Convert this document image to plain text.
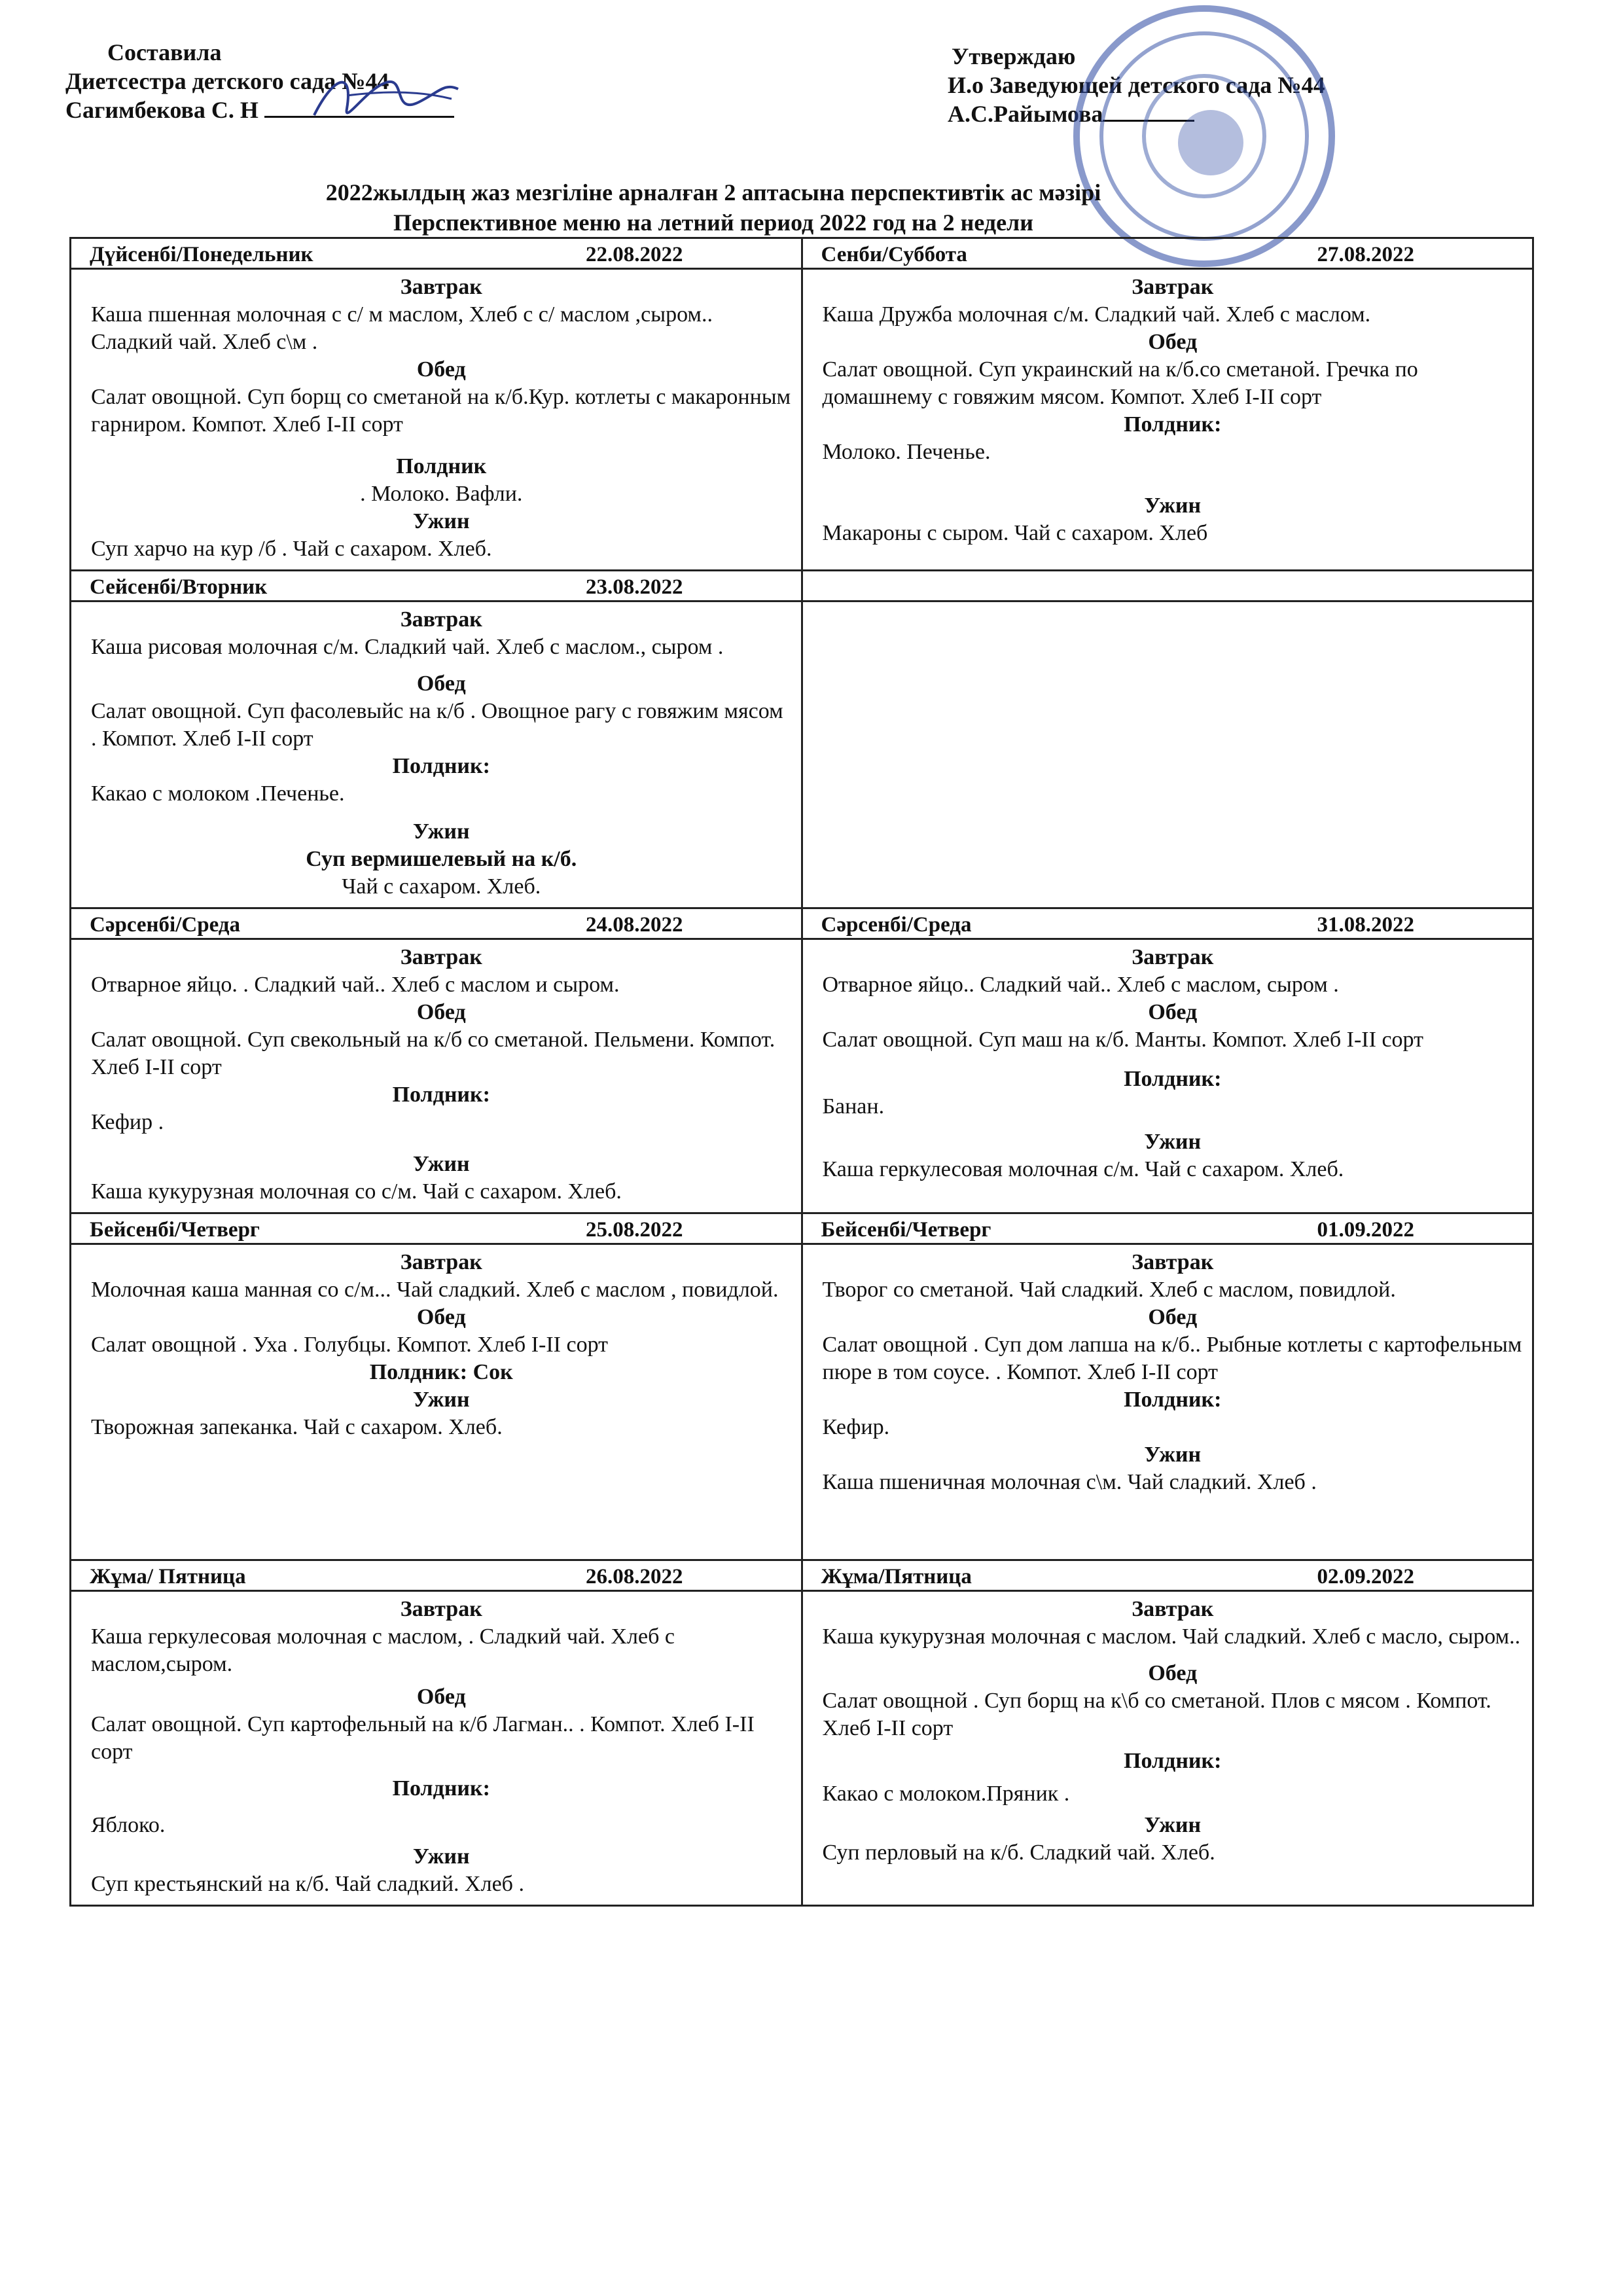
Составила
Диетсестра детского сада №44
Сагимбекова С. Н
Утверждаю
И.о Заведующей детского сада №44
А.С.Райымова
2022жылдың жаз мезгіліне арналған 2 аптасына перспективтік ас мәзірі
Перспективное меню на летний период 2022 год на 2 недели
Дүйсенбі/Понедельник	22.08.2022
Завтрак
Каша пшенная молочная с с/ м маслом, Хлеб с с/ маслом ,сыром.. Сладкий чай. Хлеб с\м .
Обед
Салат овощной. Суп борщ со сметаной на к/б.Кур. котлеты с макаронным гарниром. Компот. Хлеб I-II сорт
Полдник
. Молоко. Вафли.
Ужин
Суп харчо на кур /б . Чай с сахаром. Хлеб.
Сенби/Суббота	27.08.2022
Завтрак
Каша Дружба молочная с/м. Сладкий чай. Хлеб с маслом.
Обед
Салат овощной. Суп украинский на к/б.со сметаной. Гречка по домашнему с говяжим мясом. Компот. Хлеб I-II сорт
Полдник:
Молоко. Печенье.
Ужин
Макароны с сыром. Чай с сахаром. Хлеб
Сейсенбі/Вторник	23.08.2022
Завтрак
Каша рисовая молочная с/м. Сладкий чай. Хлеб с маслом., сыром .
Обед
Салат овощной. Суп фасолевыйс на к/б . Овощное рагу с говяжим мясом . Компот. Хлеб I-II сорт
Полдник:
Какао с молоком .Печенье.
Ужин
Суп вермишелевый на к/б.
Чай с сахаром. Хлеб.
Сәрсенбі/Среда	24.08.2022
Завтрак
Отварное яйцо. . Сладкий чай.. Хлеб с маслом и сыром.
Обед
Салат овощной. Суп свекольный на к/б со сметаной. Пельмени. Компот. Хлеб I-II сорт
Полдник:
Кефир .
Ужин
Каша кукурузная молочная со с/м. Чай с сахаром. Хлеб.
Сәрсенбі/Среда	31.08.2022
Завтрак
Отварное яйцо.. Сладкий чай.. Хлеб с маслом, сыром .
Обед
Салат овощной. Суп маш на к/б. Манты. Компот. Хлеб I-II сорт
Полдник:
Банан.
Ужин
Каша геркулесовая молочная с/м. Чай с сахаром. Хлеб.
Бейсенбі/Четверг	25.08.2022
Завтрак
Молочная каша манная со с/м... Чай сладкий. Хлеб с маслом , повидлой.
Обед
Салат овощной . Уха . Голубцы. Компот. Хлеб I-II сорт
Полдник: Сок
Ужин
Творожная запеканка. Чай с сахаром. Хлеб.
Бейсенбі/Четверг	01.09.2022
Завтрак
Творог со сметаной. Чай сладкий. Хлеб с маслом, повидлой.
Обед
Салат овощной . Суп дом лапша на к/б.. Рыбные котлеты с картофельным пюре в том соусе. . Компот. Хлеб I-II сорт
Полдник:
Кефир.
Ужин
Каша пшеничная молочная с\м. Чай сладкий. Хлеб .
Жұма/ Пятница	26.08.2022
Завтрак
Каша геркулесовая молочная с маслом, . Сладкий чай. Хлеб с маслом,сыром.
Обед
Салат овощной. Суп картофельный на к/б Лагман.. . Компот. Хлеб I-II сорт
Полдник:
Яблоко.
Ужин
Суп крестьянский на к/б. Чай сладкий. Хлеб .
Жұма/Пятница	02.09.2022
Завтрак
Каша кукурузная молочная с маслом. Чай сладкий. Хлеб с масло, сыром..
Обед
Салат овощной . Суп борщ на к\б со сметаной. Плов с мясом . Компот.
Хлеб I-II сорт
Полдник:
Какао с молоком.Пряник .
Ужин
Суп перловый на к/б. Сладкий чай. Хлеб.
